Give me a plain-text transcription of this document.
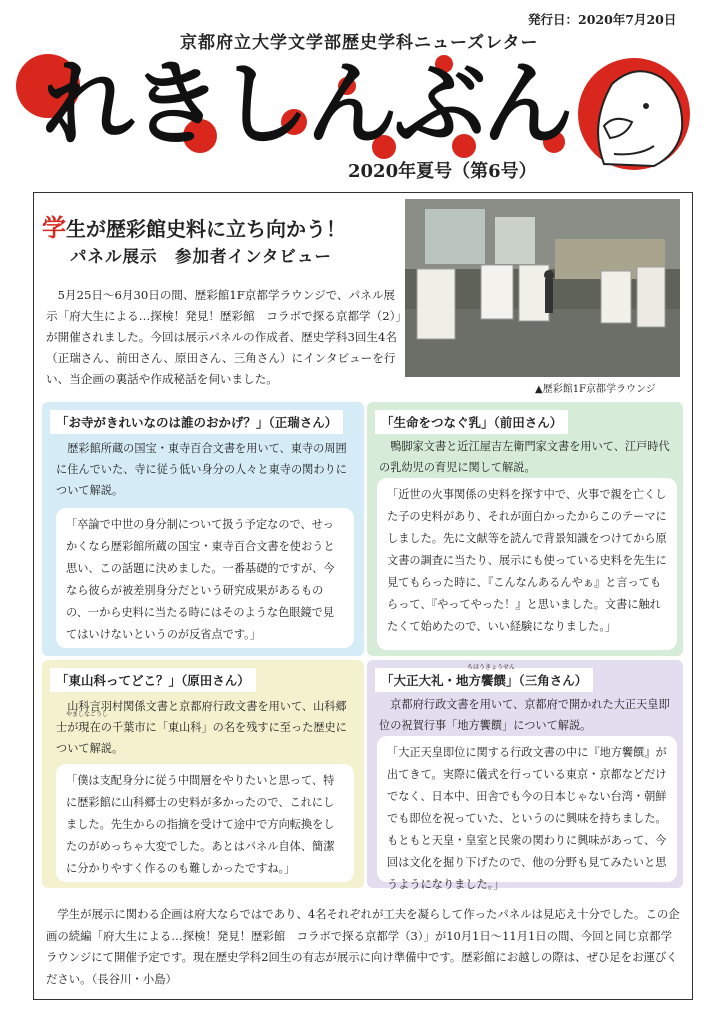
れきしんぶん
発行日：2020年7月20日
京都府立大学文学部歴史学科ニューズレター
2020年夏号（第6号）
学生が歴彩館史料に立ち向かう！
パネル展示　参加者インタビュー
5月25日～6月30日の間、歴彩館1F京都学ラウンジで、パネル展示「府大生による…探検！発見！歴彩館　コラボで探る京都学（2）」が開催されました。今回は展示パネルの作成者、歴史学科3回生4名（正瑞さん、前田さん、原田さん、三角さん）にインタビューを行い、当企画の裏話や作成秘話を伺いました。
▲歴彩館1F京都学ラウンジ
「お寺がきれいなのは誰のおかげ？」（正瑞さん）
歴彩館所蔵の国宝・東寺百合文書を用いて、東寺の周囲に住んでいた、寺に従う低い身分の人々と東寺の関わりについて解説。
「卒論で中世の身分制について扱う予定なので、せっかくなら歴彩館所蔵の国宝・東寺百合文書を使おうと思い、この話題に決めました。一番基礎的ですが、今なら彼らが被差別身分だという研究成果があるものの、一から史料に当たる時にはそのような色眼鏡で見てはいけないというのが反省点です。」
「生命をつなぐ乳」（前田さん）
鴨脚家文書と近江屋吉左衛門家文書を用いて、江戸時代の乳幼児の育児に関して解説。
「近世の火事関係の史料を探す中で、火事で親を亡くした子の史料があり、それが面白かったからこのテーマにしました。先に文献等を読んで背景知識をつけてから原文書の調査に当たり、展示にも使っている史料を先生に見てもらった時に、『こんなんあるんやぁ』と言ってもらって、『やってやった！』と思いました。文書に触れたくて始めたので、いい経験になりました。」
「東山科ってどこ？」（原田さん）
やましなごうし
山科言羽村関係文書と京都府行政文書を用いて、山科郷士が現在の千葉市に「東山科」の名を残すに至った歴史について解説。
「僕は支配身分に従う中間層をやりたいと思って、特に歴彩館に山科郷士の史料が多かったので、これにしました。先生からの指摘を受けて途中で方向転換をしたのがめっちゃ大変でした。あとはパネル自体、簡潔に分かりやすく作るのも難しかったですね。」
「大正大礼・地方饗饌」（三角さん）
ちほうきょうせん
京都府行政文書を用いて、京都府で開かれた大正天皇即位の祝賀行事「地方饗饌」について解説。
「大正天皇即位に関する行政文書の中に『地方饗饌』が出てきて。実際に儀式を行っている東京・京都などだけでなく、日本中、田舎でも今の日本じゃない台湾・朝鮮でも即位を祝っていた、というのに興味を持ちました。もともと天皇・皇室と民衆の関わりに興味があって、今回は文化を掘り下げたので、他の分野も見てみたいと思うようになりました。」
学生が展示に関わる企画は府大ならではであり、4名それぞれが工夫を凝らして作ったパネルは見応え十分でした。この企画の続編「府大生による…探検！発見！歴彩館　コラボで探る京都学（3）」が10月1日～11月1日の間、今回と同じ京都学ラウンジにて開催予定です。現在歴史学科2回生の有志が展示に向け準備中です。歴彩館にお越しの際は、ぜひ足をお運びください。（長谷川・小島）
